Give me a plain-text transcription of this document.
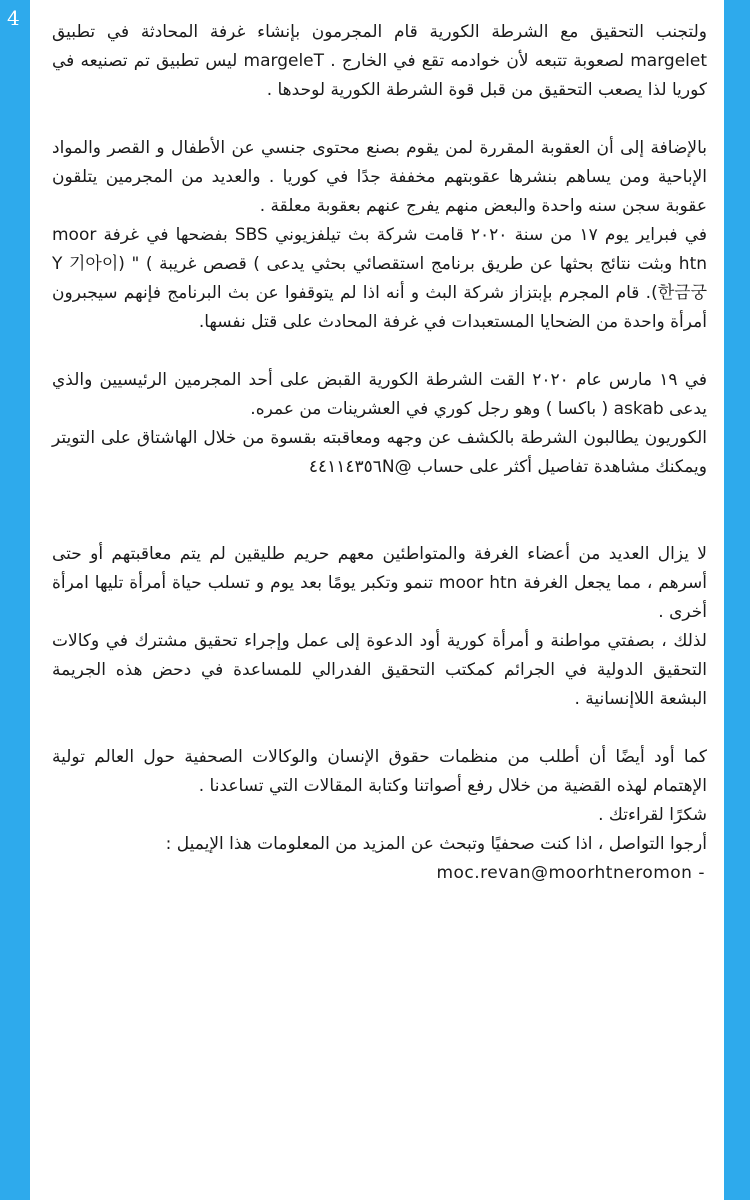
4

ولتجنب التحقيق مع الشرطة الكورية قام المجرمون بإنشاء غرفة المحادثة في تطبيق margelet لصعوبة تتبعه لأن خوادمه تقع في الخارج . margeleT ليس تطبيق تم تصنيعه في كوريا لذا يصعب التحقيق من قبل قوة الشرطة الكورية لوحدها .

بالإضافة إلى أن العقوبة المقررة لمن يقوم بصنع محتوى جنسي عن الأطفال و القصر والمواد الإباحية ومن يساهم بنشرها عقوبتهم مخففة جدًا في كوريا . والعديد من المجرمين يتلقون عقوبة سجن سنه واحدة والبعض منهم يفرج عنهم بعقوبة معلقة .

في فبراير يوم ١٧ من سنة ٢٠٢٠ قامت شركة بث تيلفزيوني SBS بفضحها في غرفة moor htn وبثت نتائج بحثها عن طريق برنامج استقصائي بحثي يدعى ) قصص غريبة ) " (Y 기아이 한금궁). قام المجرم بإبتزاز شركة البث و أنه اذا لم يتوقفوا عن بث البرنامج فإنهم سيجبرون أمرأة واحدة من الضحايا المستعبدات في غرفة المحادث على قتل نفسها.

في ١٩ مارس عام ٢٠٢٠ القت الشرطة الكورية القبض على أحد المجرمين الرئيسيين والذي يدعى askab ( باكسا ) وهو رجل كوري في العشرينات من عمره.

الكوريون يطالبون الشرطة بالكشف عن وجهه ومعاقبته بقسوة من خلال الهاشتاق على التويتر ويمكنك مشاهدة تفاصيل أكثر على حساب @٤٤١١٤٣٥٦N

لا يزال العديد من أعضاء الغرفة والمتواطئين معهم حريم طليقين لم يتم معاقبتهم أو حتى أسرهم ، مما يجعل الغرفة moor htn تنمو وتكبر يومًا بعد يوم و تسلب حياة أمرأة تليها امرأة أخرى .

لذلك ، بصفتي مواطنة و أمرأة كورية أود الدعوة إلى عمل وإجراء تحقيق مشترك في وكالات التحقيق الدولية في الجرائم كمكتب التحقيق الفدرالي للمساعدة في دحض هذه الجريمة البشعة اللاإنسانية .

كما أود أيضًا أن أطلب من منظمات حقوق الإنسان والوكالات الصحفية حول العالم تولية الإهتمام لهذه القضية من خلال رفع أصواتنا وكتابة المقالات التي تساعدنا .

شكرًا لقراءتك .

أرجوا التواصل ، اذا كنت صحفيًا وتبحث عن المزيد من المعلومات هذا الإيميل :

moc.revan@moorhtneromon -
